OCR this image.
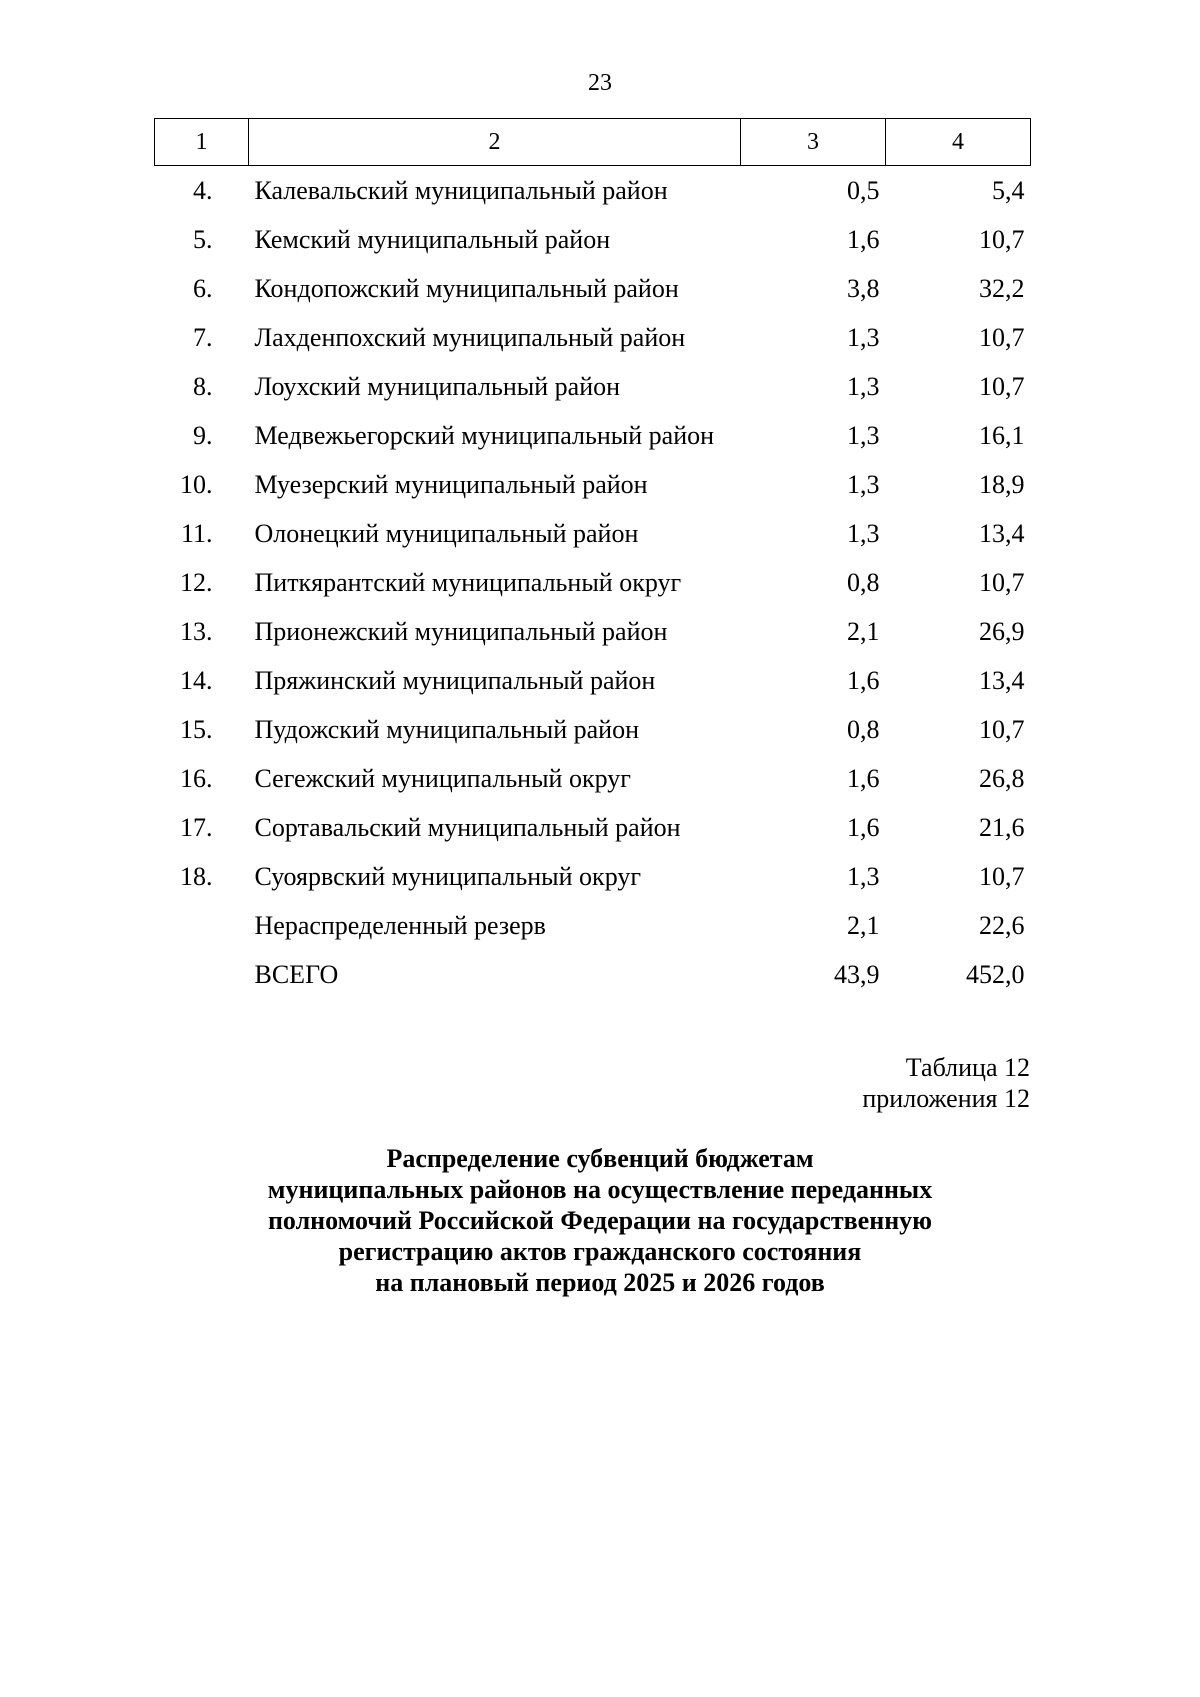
23
1	2	3	4
4.	Калевальский муниципальный район	0,5	5,4
5.	Кемский муниципальный район	1,6	10,7
6.	Кондопожский муниципальный район	3,8	32,2
7.	Лахденпохский муниципальный район	1,3	10,7
8.	Лоухский муниципальный район	1,3	10,7
9.	Медвежьегорский муниципальный район	1,3	16,1
10.	Муезерский муниципальный район	1,3	18,9
11.	Олонецкий муниципальный район	1,3	13,4
12.	Питкярантский муниципальный округ	0,8	10,7
13.	Прионежский муниципальный район	2,1	26,9
14.	Пряжинский муниципальный район	1,6	13,4
15.	Пудожский муниципальный район	0,8	10,7
16.	Сегежский муниципальный округ	1,6	26,8
17.	Сортавальский муниципальный район	1,6	21,6
18.	Суоярвский муниципальный округ	1,3	10,7
	Нераспределенный резерв	2,1	22,6
	ВСЕГО	43,9	452,0
Таблица 12
приложения 12
Распределение субвенций бюджетам
муниципальных районов на осуществление переданных
полномочий Российской Федерации на государственную
регистрацию актов гражданского состояния
на плановый период 2025 и 2026 годов
